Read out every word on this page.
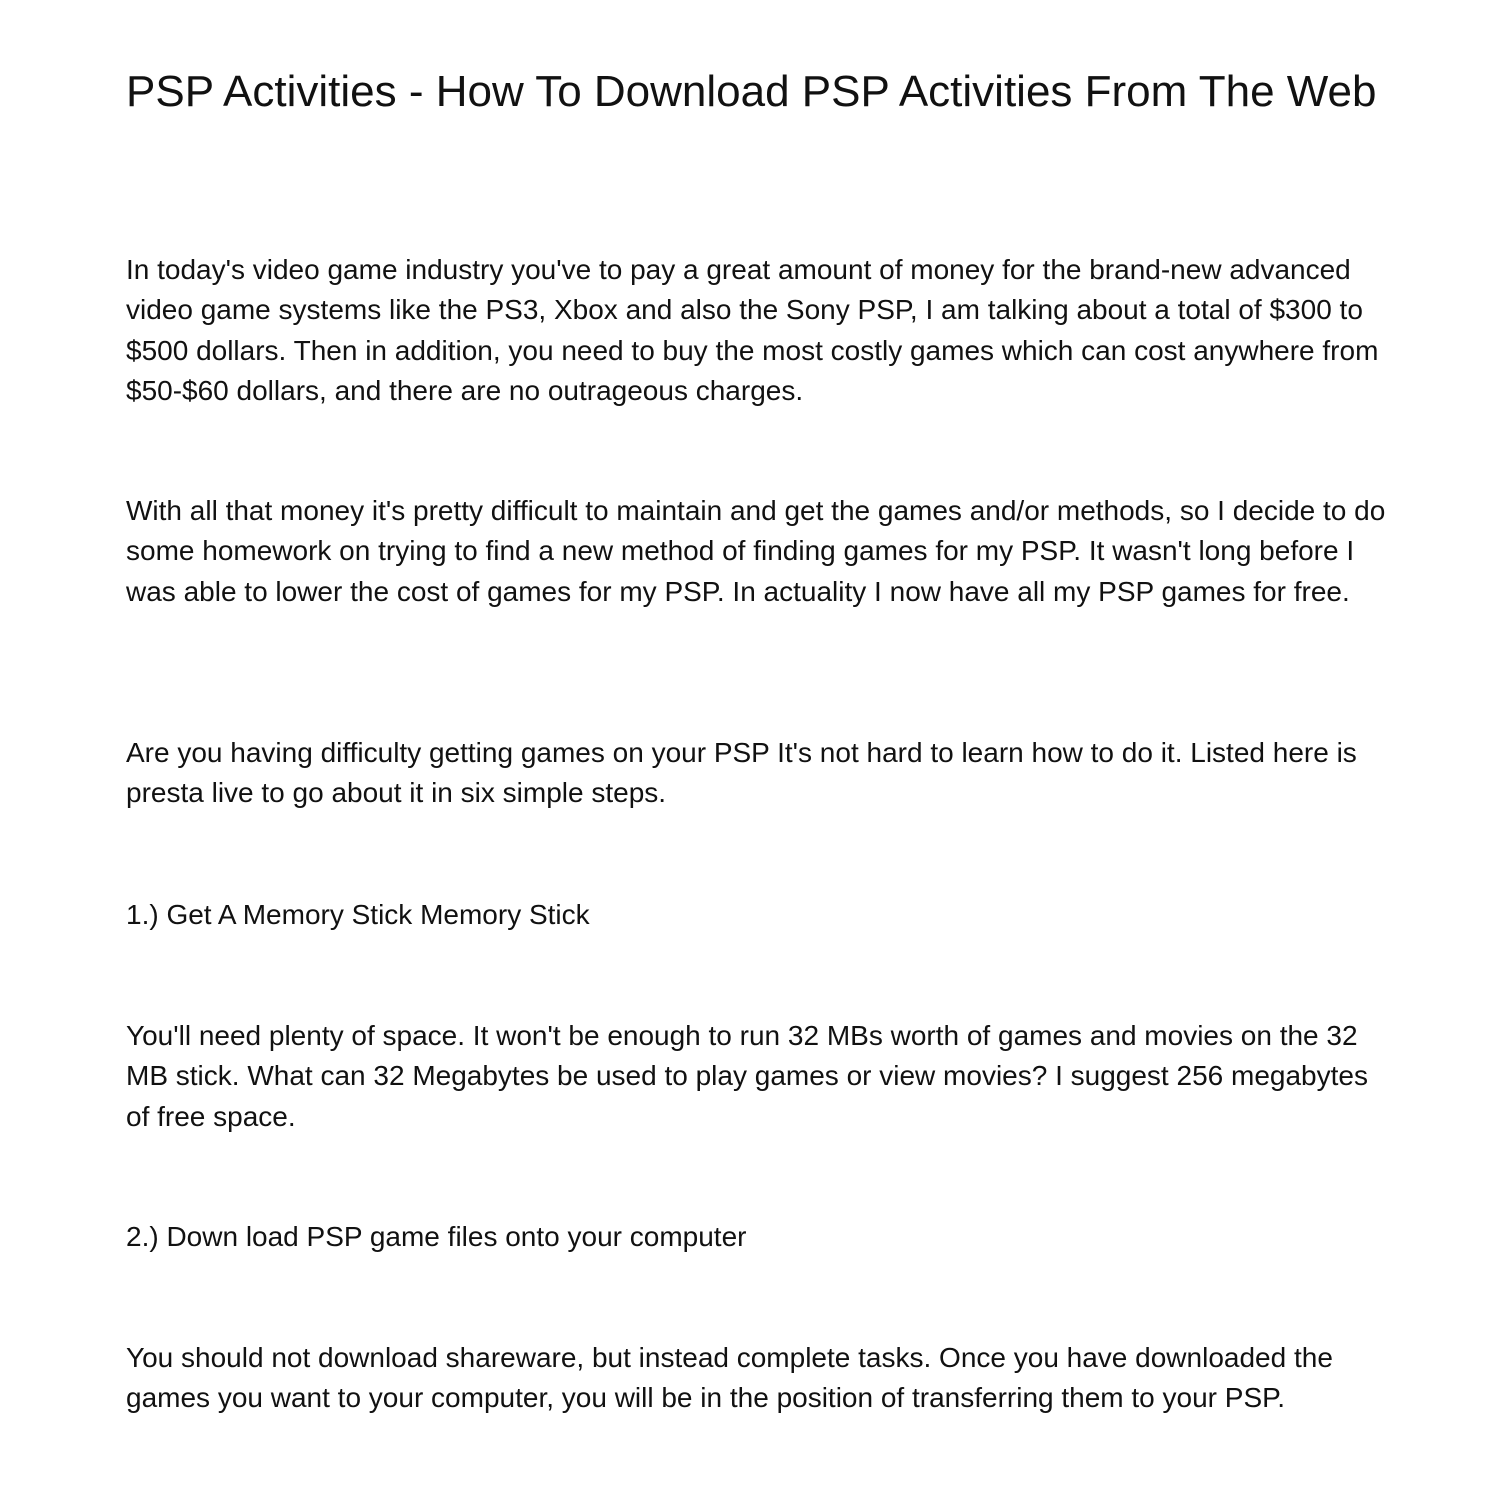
PSP Activities - How To Download PSP Activities From The Web

In today's video game industry you've to pay a great amount of money for the brand-new advanced video game systems like the PS3, Xbox and also the Sony PSP, I am talking about a total of $300 to $500 dollars. Then in addition, you need to buy the most costly games which can cost anywhere from $50-$60 dollars, and there are no outrageous charges.

With all that money it's pretty difficult to maintain and get the games and/or methods, so I decide to do some homework on trying to find a new method of finding games for my PSP. It wasn't long before I was able to lower the cost of games for my PSP. In actuality I now have all my PSP games for free.

Are you having difficulty getting games on your PSP It's not hard to learn how to do it. Listed here is presta live to go about it in six simple steps.

1.) Get A Memory Stick Memory Stick

You'll need plenty of space. It won't be enough to run 32 MBs worth of games and movies on the 32 MB stick. What can 32 Megabytes be used to play games or view movies? I suggest 256 megabytes of free space.

2.) Down load PSP game files onto your computer

You should not download shareware, but instead complete tasks. Once you have downloaded the games you want to your computer, you will be in the position of transferring them to your PSP.
